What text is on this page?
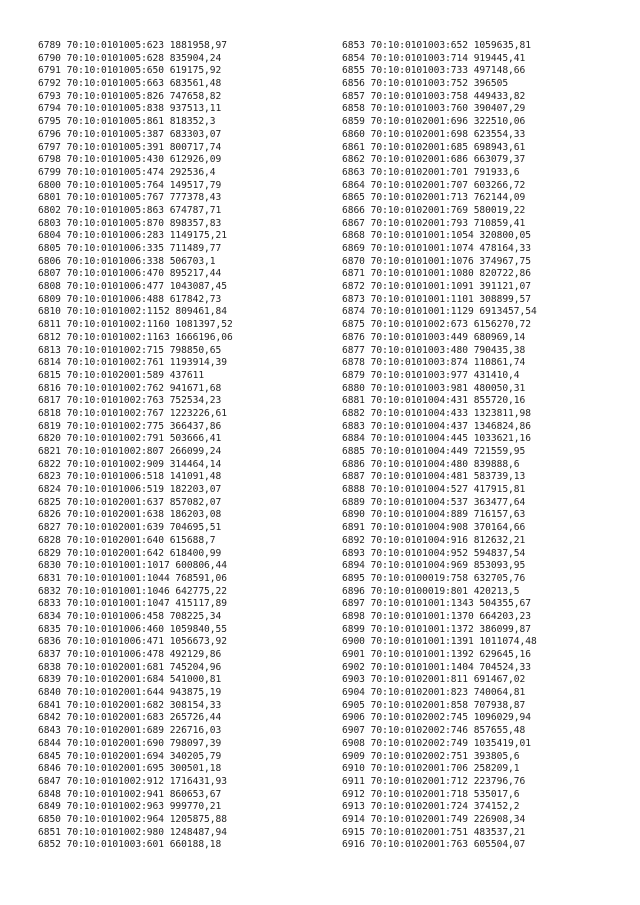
6789 70:10:0101005:623 1881958,97
6790 70:10:0101005:628 835904,24
6791 70:10:0101005:650 619175,92
6792 70:10:0101005:663 683561,48
6793 70:10:0101005:826 747658,82
6794 70:10:0101005:838 937513,11
6795 70:10:0101005:861 818352,3
6796 70:10:0101005:387 683303,07
6797 70:10:0101005:391 800717,74
6798 70:10:0101005:430 612926,09
6799 70:10:0101005:474 292536,4
6800 70:10:0101005:764 149517,79
6801 70:10:0101005:767 777378,43
6802 70:10:0101005:863 674787,71
6803 70:10:0101005:870 898357,83
6804 70:10:0101006:283 1149175,21
6805 70:10:0101006:335 711489,77
6806 70:10:0101006:338 506703,1
6807 70:10:0101006:470 895217,44
6808 70:10:0101006:477 1043087,45
6809 70:10:0101006:488 617842,73
6810 70:10:0101002:1152 809461,84
6811 70:10:0101002:1160 1081397,52
6812 70:10:0101002:1163 1666196,06
6813 70:10:0101002:715 798850,65
6814 70:10:0101002:761 1193914,39
6815 70:10:0102001:589 437611
6816 70:10:0101002:762 941671,68
6817 70:10:0101002:763 752534,23
6818 70:10:0101002:767 1223226,61
6819 70:10:0101002:775 366437,86
6820 70:10:0101002:791 503666,41
6821 70:10:0101002:807 266099,24
6822 70:10:0101002:909 314464,14
6823 70:10:0101006:518 141091,48
6824 70:10:0101006:519 182203,07
6825 70:10:0102001:637 857082,07
6826 70:10:0102001:638 186203,08
6827 70:10:0102001:639 704695,51
6828 70:10:0102001:640 615688,7
6829 70:10:0102001:642 618400,99
6830 70:10:0101001:1017 600806,44
6831 70:10:0101001:1044 768591,06
6832 70:10:0101001:1046 642775,22
6833 70:10:0101001:1047 415117,89
6834 70:10:0101006:458 708225,34
6835 70:10:0101006:460 1059840,55
6836 70:10:0101006:471 1056673,92
6837 70:10:0101006:478 492129,86
6838 70:10:0102001:681 745204,96
6839 70:10:0102001:684 541000,81
6840 70:10:0102001:644 943875,19
6841 70:10:0102001:682 308154,33
6842 70:10:0102001:683 265726,44
6843 70:10:0102001:689 226716,03
6844 70:10:0102001:690 798097,39
6845 70:10:0102001:694 340205,79
6846 70:10:0102001:695 300501,18
6847 70:10:0101002:912 1716431,93
6848 70:10:0101002:941 860653,67
6849 70:10:0101002:963 999770,21
6850 70:10:0101002:964 1205875,88
6851 70:10:0101002:980 1248487,94
6852 70:10:0101003:601 660188,18
6853 70:10:0101003:652 1059635,81
6854 70:10:0101003:714 919445,41
6855 70:10:0101003:733 497148,66
6856 70:10:0101003:752 396505
6857 70:10:0101003:758 449433,82
6858 70:10:0101003:760 390407,29
6859 70:10:0102001:696 322510,06
6860 70:10:0102001:698 623554,33
6861 70:10:0102001:685 698943,61
6862 70:10:0102001:686 663079,37
6863 70:10:0102001:701 791933,6
6864 70:10:0102001:707 603266,72
6865 70:10:0102001:713 762144,09
6866 70:10:0102001:769 580019,22
6867 70:10:0102001:793 710859,41
6868 70:10:0101001:1054 320800,05
6869 70:10:0101001:1074 478164,33
6870 70:10:0101001:1076 374967,75
6871 70:10:0101001:1080 820722,86
6872 70:10:0101001:1091 391121,07
6873 70:10:0101001:1101 308899,57
6874 70:10:0101001:1129 6913457,54
6875 70:10:0101002:673 6156270,72
6876 70:10:0101003:449 680969,14
6877 70:10:0101003:480 790435,38
6878 70:10:0101003:874 110861,74
6879 70:10:0101003:977 431410,4
6880 70:10:0101003:981 480050,31
6881 70:10:0101004:431 855720,16
6882 70:10:0101004:433 1323811,98
6883 70:10:0101004:437 1346824,86
6884 70:10:0101004:445 1033621,16
6885 70:10:0101004:449 721559,95
6886 70:10:0101004:480 839888,6
6887 70:10:0101004:481 583739,13
6888 70:10:0101004:527 417915,81
6889 70:10:0101004:537 363477,64
6890 70:10:0101004:889 716157,63
6891 70:10:0101004:908 370164,66
6892 70:10:0101004:916 812632,21
6893 70:10:0101004:952 594837,54
6894 70:10:0101004:969 853093,95
6895 70:10:0100019:758 632705,76
6896 70:10:0100019:801 420213,5
6897 70:10:0101001:1343 504355,67
6898 70:10:0101001:1370 664203,23
6899 70:10:0101001:1372 386099,87
6900 70:10:0101001:1391 1011074,48
6901 70:10:0101001:1392 629645,16
6902 70:10:0101001:1404 704524,33
6903 70:10:0102001:811 691467,02
6904 70:10:0102001:823 740064,81
6905 70:10:0102001:858 707938,87
6906 70:10:0102002:745 1096029,94
6907 70:10:0102002:746 857655,48
6908 70:10:0102002:749 1035419,01
6909 70:10:0102002:751 393805,6
6910 70:10:0102001:706 258209,1
6911 70:10:0102001:712 223796,76
6912 70:10:0102001:718 535017,6
6913 70:10:0102001:724 374152,2
6914 70:10:0102001:749 226908,34
6915 70:10:0102001:751 483537,21
6916 70:10:0102001:763 605504,07
